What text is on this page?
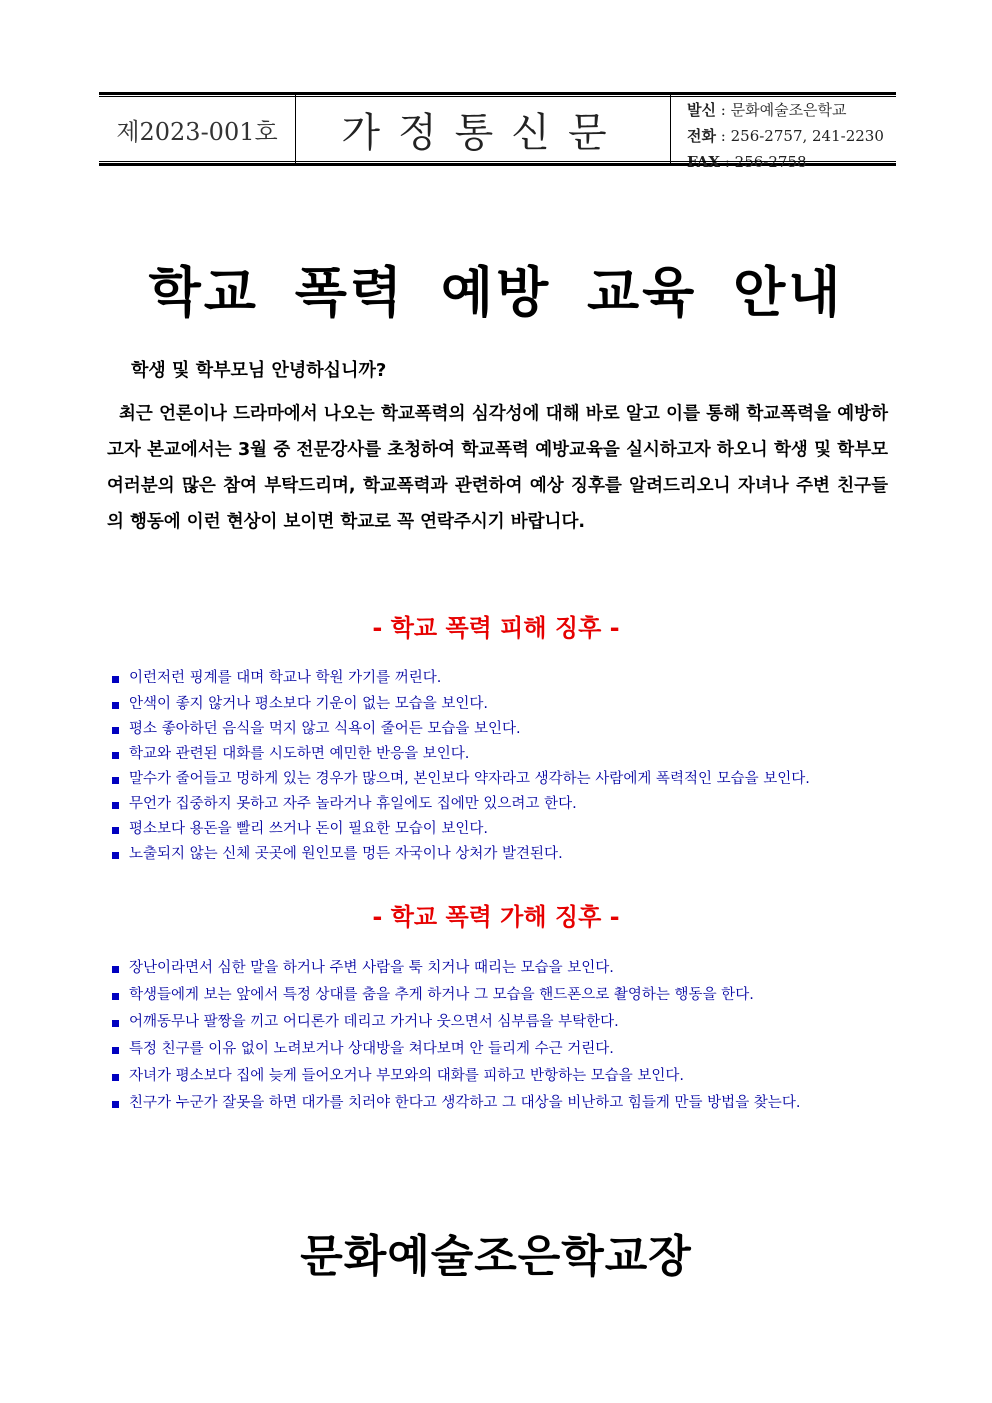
제2023-001호	가정통신문	발신 : 문화예술조은학교
전화 : 256-2757, 241-2230
FAX : 256-2758
학교 폭력 예방 교육 안내
학생 및 학부모님 안녕하십니까?
최근 언론이나 드라마에서 나오는 학교폭력의 심각성에 대해 바로 알고 이를 통해 학교폭력을 예방하고자 본교에서는 3월 중 전문강사를 초청하여 학교폭력 예방교육을 실시하고자 하오니 학생 및 학부모 여러분의 많은 참여 부탁드리며, 학교폭력과 관련하여 예상 징후를 알려드리오니 자녀나 주변 친구들의 행동에 이런 현상이 보이면 학교로 꼭 연락주시기 바랍니다.
- 학교 폭력 피해 징후 -
이런저런 핑계를 대며 학교나 학원 가기를 꺼린다.
안색이 좋지 않거나 평소보다 기운이 없는 모습을 보인다.
평소 좋아하던 음식을 먹지 않고 식욕이 줄어든 모습을 보인다.
학교와 관련된 대화를 시도하면 예민한 반응을 보인다.
말수가 줄어들고 멍하게 있는 경우가 많으며, 본인보다 약자라고 생각하는 사람에게 폭력적인 모습을 보인다.
무언가 집중하지 못하고 자주 놀라거나 휴일에도 집에만 있으려고 한다.
평소보다 용돈을 빨리 쓰거나 돈이 필요한 모습이 보인다.
노출되지 않는 신체 곳곳에 원인모를 멍든 자국이나 상처가 발견된다.
- 학교 폭력 가해 징후 -
장난이라면서 심한 말을 하거나 주변 사람을 툭 치거나 때리는 모습을 보인다.
학생들에게 보는 앞에서 특정 상대를 춤을 추게 하거나 그 모습을 핸드폰으로 촬영하는 행동을 한다.
어깨동무나 팔짱을 끼고 어디론가 데리고 가거나 웃으면서 심부름을 부탁한다.
특정 친구를 이유 없이 노려보거나 상대방을 쳐다보며 안 들리게 수근 거린다.
자녀가 평소보다 집에 늦게 들어오거나 부모와의 대화를 피하고 반항하는 모습을 보인다.
친구가 누군가 잘못을 하면 대가를 치러야 한다고 생각하고 그 대상을 비난하고 힘들게 만들 방법을 찾는다.
문화예술조은학교장
